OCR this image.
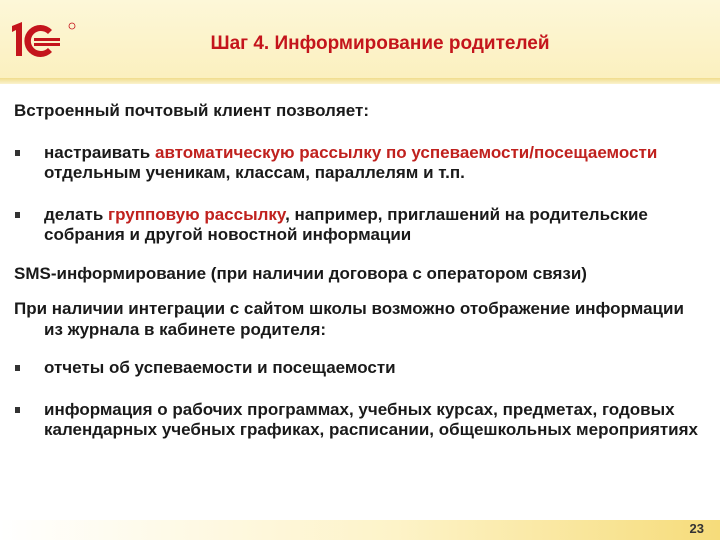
Шаг 4. Информирование родителей

Встроенный почтовый клиент позволяет:

настраивать автоматическую рассылку по успеваемости/посещаемости отдельным ученикам, классам, параллелям и т.п.
делать групповую рассылку, например, приглашений на родительские собрания и другой новостной информации

SMS-информирование (при наличии договора с оператором связи)

При наличии интеграции с сайтом школы возможно отображение информации из журнала в кабинете родителя:

отчеты об успеваемости и посещаемости
информация о рабочих программах, учебных курсах, предметах, годовых календарных учебных графиках, расписании, общешкольных мероприятиях
23
